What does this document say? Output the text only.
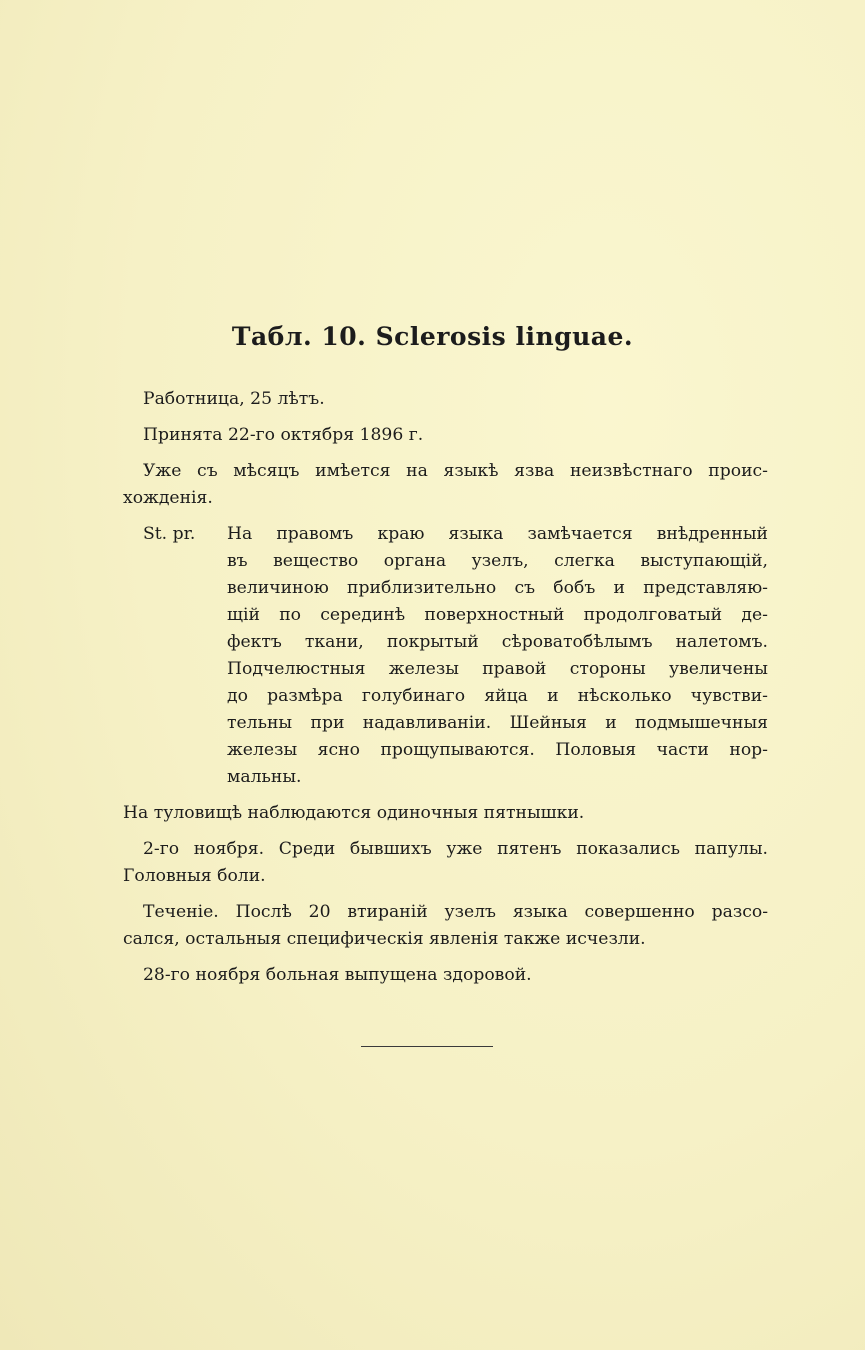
Табл. 10. Sclerosis linguae.
Работница, 25 лѣтъ.
Принята 22-го октября 1896 г.
Уже съ мѣсяцъ имѣется на языкѣ язва неизвѣстнаго проис-
хожденія.
St. pr.	На правомъ краю языка замѣчается внѣдренный
въ вещество органа узелъ, слегка выступающій,
величиною приблизительно съ бобъ и представляю-
щій по серединѣ поверхностный продолговатый де-
фектъ ткани, покрытый сѣроватобѣлымъ налетомъ.
Подчелюстныя железы правой стороны увеличены
до размѣра голубинаго яйца и нѣсколько чувстви-
тельны при надавливаніи. Шейныя и подмышечныя
железы ясно прощупываются. Половыя части нор-
мальны.
На туловищѣ наблюдаются одиночныя пятнышки.
2-го ноября. Среди бывшихъ уже пятенъ показались папулы.
Головныя боли.
Теченіе. Послѣ 20 втираній узелъ языка совершенно разсо-
сался, остальныя специфическія явленія также исчезли.
28-го ноября больная выпущена здоровой.
